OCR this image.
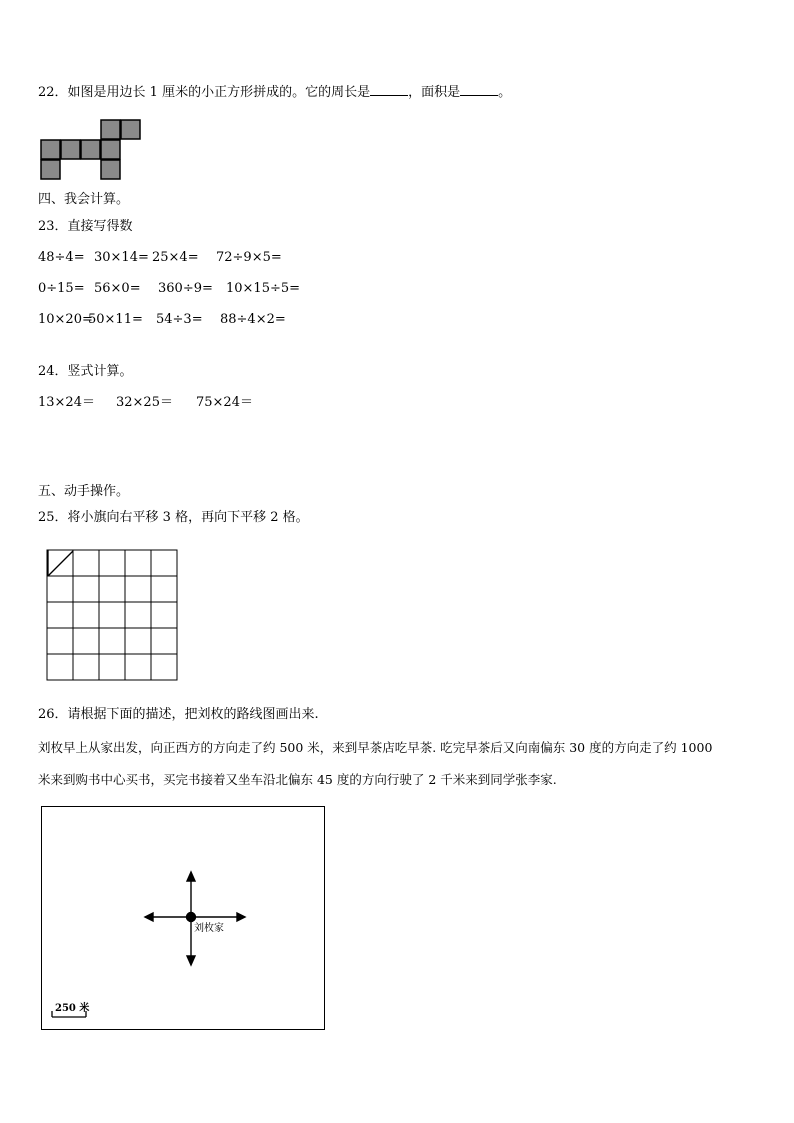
22．如图是用边长 1 厘米的小正方形拼成的。它的周长是	，面积是	。
四、我会计算。
23．直接写得数
48÷4= 30×14= 25×4= 72÷9×5=
0÷15= 56×0= 360÷9= 10×15÷5=
10×20=50×11= 54÷3= 88÷4×2=
24．竖式计算。
13×24＝ 32×25＝ 75×24＝
五、动手操作。
25．将小旗向右平移 3 格，再向下平移 2 格。
26．请根据下面的描述，把刘枚的路线图画出来.
刘枚早上从家出发，向正西方的方向走了约 500 米，来到早茶店吃早茶. 吃完早茶后又向南偏东 30 度的方向走了约 1000
米来到购书中心买书，买完书接着又坐车沿北偏东 45 度的方向行驶了 2 千米来到同学张李家.
刘枚家
250 米
